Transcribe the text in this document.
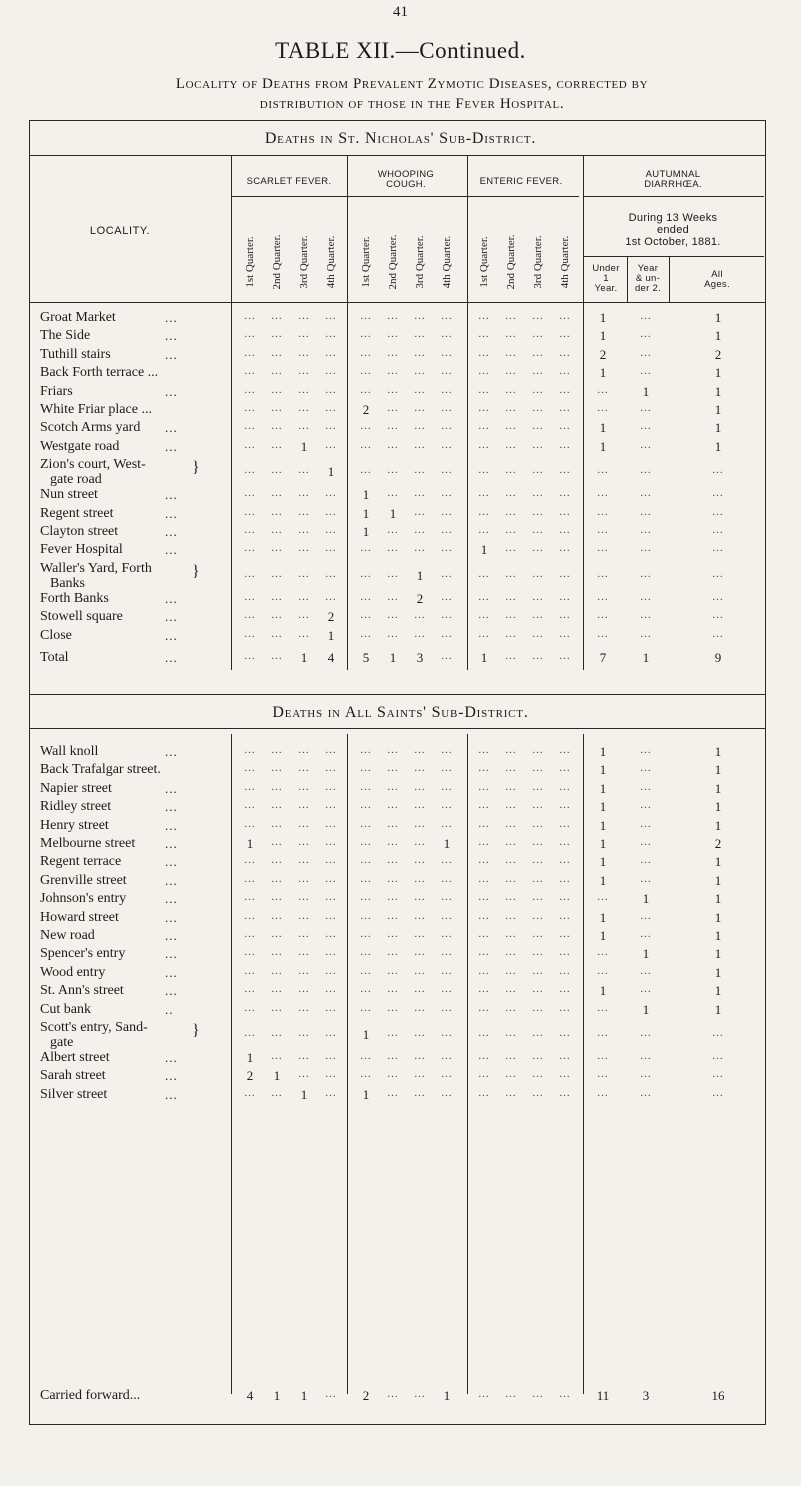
41
TABLE XII.—Continued.
Locality of Deaths from Prevalent Zymotic Diseases, corrected by
distribution of those in the Fever Hospital.
Deaths in St. Nicholas' Sub-District.
LOCALITY.
SCARLET FEVER.
WHOOPING
COUGH.	ENTERIC FEVER.
AUTUMNAL
DIARRHŒA.
During 13 Weeks
ended
1st October, 1881.
Under
1
Year.
Year
& un-
der 2.
All
Ages.
1st Quarter. 2nd Quarter. 3rd Quarter. 4th Quarter. 1st Quarter. 2nd Quarter. 3rd Quarter. 4th Quarter. 1st Quarter. 2nd Quarter. 3rd Quarter. 4th Quarter.
Deaths in All Saints' Sub-District.
Groat Market	...	...	...	...	...	...	...	...	...	...	...	...	...	1	...	1
The Side	...	...	...	...	...	...	...	...	...	...	...	...	...	1	...	1
Tuthill stairs	...	...	...	...	...	...	...	...	...	...	...	...	...	2	...	2
Back Forth terrace ...	...	...	...	...	...	...	...	...	...	...	...	...	1	...	1
Friars	...	...	...	...	...	...	...	...	...	...	...	...	...	...	1	1
White Friar place ...	...	...	...	...	2	...	...	...	...	...	...	...	...	...	1
Scotch Arms yard ...	...	...	...	...	...	...	...	...	...	...	...	...	1	...	1
Westgate road	...	...	...	1	...	...	...	...	...	...	...	...	...	1	...	1
Zion's court, West-
gate road
}	...	...	...	1	...	...	...	...	...	...	...	...	...	...	...
Nun street	...	...	...	...	...	1	...	...	...	...	...	...	...	...	...	...
Regent street	...	...	...	...	...	1	1	...	...	...	...	...	...	...	...	...
Clayton street	...	...	...	...	...	1	...	...	...	...	...	...	...	...	...	...
Fever Hospital	...	...	...	...	...	...	...	...	...	1	...	...	...	...	...	...
Waller's Yard, Forth
Banks
}	...	...	...	...	...	...	1	...	...	...	...	...	...	...	...
Forth Banks	...	...	...	...	...	...	...	2	...	...	...	...	...	...	...	...
Stowell square	...	...	...	...	2	...	...	...	...	...	...	...	...	...	...	...
Close	...	...	...	...	1	...	...	...	...	...	...	...	...	...	...	...
Total	...	...	...	1	4	5	1	3	...	1	...	...	...	7	1	9
Wall knoll	...	...	...	...	...	...	...	...	...	...	...	...	...	1	...	1
Back Trafalgar street.	...	...	...	...	...	...	...	...	...	...	...	...	1	...	1
Napier street	...	...	...	...	...	...	...	...	...	...	...	...	...	1	...	1
Ridley street	...	...	...	...	...	...	...	...	...	...	...	...	...	1	...	1
Henry street	...	...	...	...	...	...	...	...	...	...	...	...	...	1	...	1
Melbourne street ...	1	...	...	...	...	...	...	1	...	...	...	...	1	...	2
Regent terrace	...	...	...	...	...	...	...	...	...	...	...	...	...	1	...	1
Grenville street	...	...	...	...	...	...	...	...	...	...	...	...	...	1	...	1
Johnson's entry	...	...	...	...	...	...	...	...	...	...	...	...	...	...	1	1
Howard street	...	...	...	...	...	...	...	...	...	...	...	...	...	1	...	1
New road	...	...	...	...	...	...	...	...	...	...	...	...	...	1	...	1
Spencer's entry	...	...	...	...	...	...	...	...	...	...	...	...	...	...	1	1
Wood entry	...	...	...	...	...	...	...	...	...	...	...	...	...	...	...	1
St. Ann's street	...	...	...	...	...	...	...	...	...	...	...	...	...	1	...	1
Cut bank	..	...	...	...	...	...	...	...	...	...	...	...	...	...	1	1
Scott's entry, Sand-
gate
}	...	...	...	...	1	...	...	...	...	...	...	...	...	...	...
Albert street	...	1	...	...	...	...	...	...	...	...	...	...	...	...	...	...
Sarah street	...	2	1	...	...	...	...	...	...	...	...	...	...	...	...	...
Silver street	...	...	...	1	...	1	...	...	...	...	...	...	...	...	...	...
Carried forward...	4	1	1	...	2	...	...	1	...	...	...	...	11	3	16
